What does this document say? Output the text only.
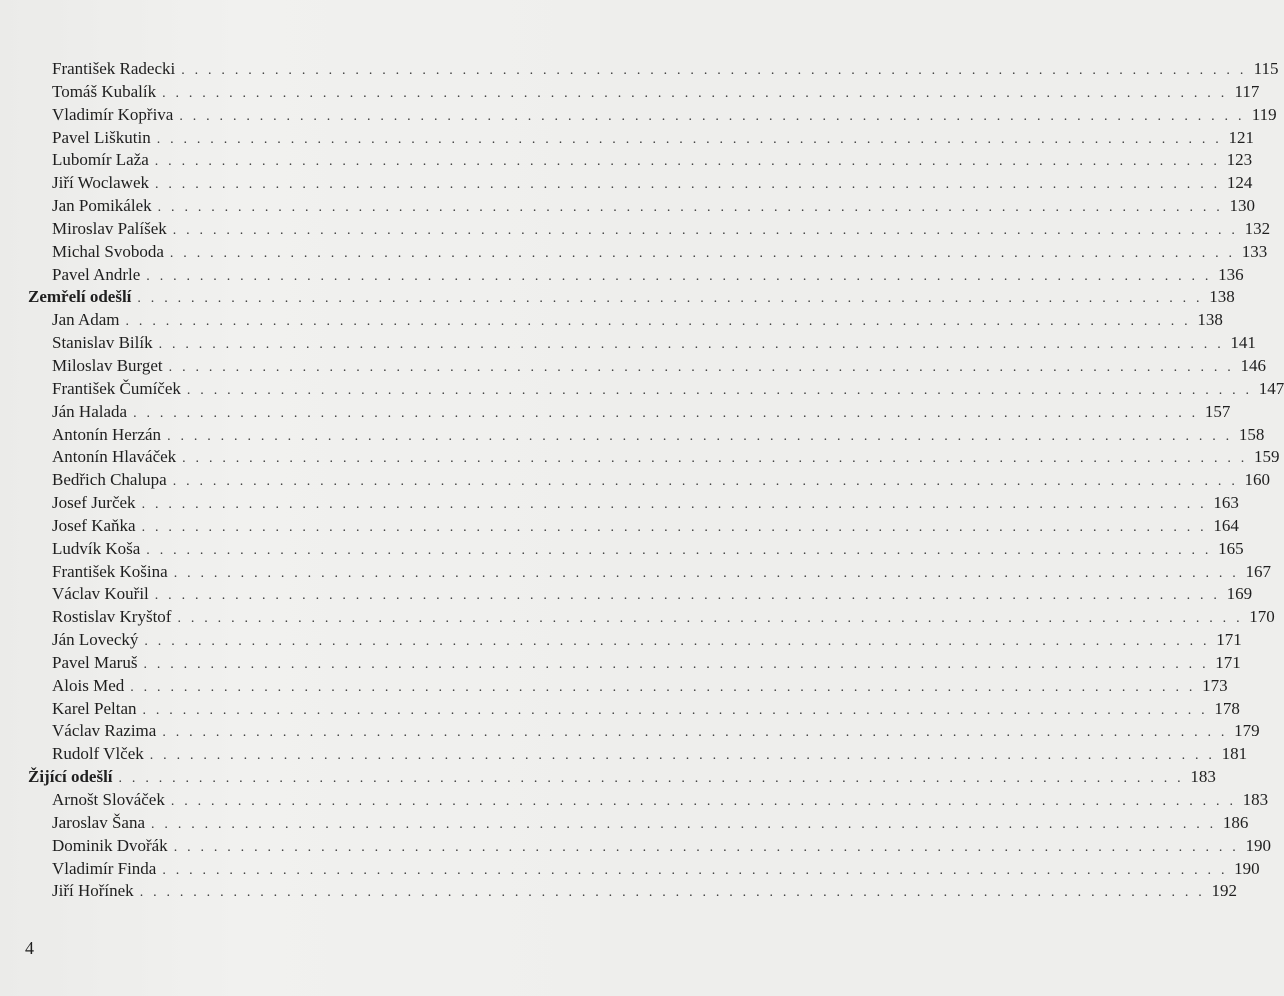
František Radecki . . . . . . . . . . . . . . . . . . . . . . . . . . . . . . . . . . . . . . . . . . . . . . . . . . . . . . . . . . . . . . . . . . . . . . . . . . . . . . . . 115
Tomáš Kubalík . . . . . . . . . . . . . . . . . . . . . . . . . . . . . . . . . . . . . . . . . . . . . . . . . . . . . . . . . . . . . . . . . . . . . . . . . . . . . . . . 117
Vladimír Kopřiva . . . . . . . . . . . . . . . . . . . . . . . . . . . . . . . . . . . . . . . . . . . . . . . . . . . . . . . . . . . . . . . . . . . . . . . . . . . . . . . . 119
Pavel Liškutin . . . . . . . . . . . . . . . . . . . . . . . . . . . . . . . . . . . . . . . . . . . . . . . . . . . . . . . . . . . . . . . . . . . . . . . . . . . . . . . . 121
Lubomír Laža . . . . . . . . . . . . . . . . . . . . . . . . . . . . . . . . . . . . . . . . . . . . . . . . . . . . . . . . . . . . . . . . . . . . . . . . . . . . . . . . 123
Jiří Woclawek . . . . . . . . . . . . . . . . . . . . . . . . . . . . . . . . . . . . . . . . . . . . . . . . . . . . . . . . . . . . . . . . . . . . . . . . . . . . . . . . 124
Jan Pomikálek . . . . . . . . . . . . . . . . . . . . . . . . . . . . . . . . . . . . . . . . . . . . . . . . . . . . . . . . . . . . . . . . . . . . . . . . . . . . . . . . 130
Miroslav Palíšek . . . . . . . . . . . . . . . . . . . . . . . . . . . . . . . . . . . . . . . . . . . . . . . . . . . . . . . . . . . . . . . . . . . . . . . . . . . . . . . . 132
Michal Svoboda . . . . . . . . . . . . . . . . . . . . . . . . . . . . . . . . . . . . . . . . . . . . . . . . . . . . . . . . . . . . . . . . . . . . . . . . . . . . . . . . 133
Pavel Andrle . . . . . . . . . . . . . . . . . . . . . . . . . . . . . . . . . . . . . . . . . . . . . . . . . . . . . . . . . . . . . . . . . . . . . . . . . . . . . . . . 136
Zemřelí odešlí . . . . . . . . . . . . . . . . . . . . . . . . . . . . . . . . . . . . . . . . . . . . . . . . . . . . . . . . . . . . . . . . . . . . . . . . . . . . . . . . 138
Jan Adam . . . . . . . . . . . . . . . . . . . . . . . . . . . . . . . . . . . . . . . . . . . . . . . . . . . . . . . . . . . . . . . . . . . . . . . . . . . . . . . . 138
Stanislav Bilík . . . . . . . . . . . . . . . . . . . . . . . . . . . . . . . . . . . . . . . . . . . . . . . . . . . . . . . . . . . . . . . . . . . . . . . . . . . . . . . . 141
Miloslav Burget . . . . . . . . . . . . . . . . . . . . . . . . . . . . . . . . . . . . . . . . . . . . . . . . . . . . . . . . . . . . . . . . . . . . . . . . . . . . . . . . 146
František Čumíček . . . . . . . . . . . . . . . . . . . . . . . . . . . . . . . . . . . . . . . . . . . . . . . . . . . . . . . . . . . . . . . . . . . . . . . . . . . . . . . . 147
Ján Halada . . . . . . . . . . . . . . . . . . . . . . . . . . . . . . . . . . . . . . . . . . . . . . . . . . . . . . . . . . . . . . . . . . . . . . . . . . . . . . . . 157
Antonín Herzán . . . . . . . . . . . . . . . . . . . . . . . . . . . . . . . . . . . . . . . . . . . . . . . . . . . . . . . . . . . . . . . . . . . . . . . . . . . . . . . . 158
Antonín Hlaváček . . . . . . . . . . . . . . . . . . . . . . . . . . . . . . . . . . . . . . . . . . . . . . . . . . . . . . . . . . . . . . . . . . . . . . . . . . . . . . . . 159
Bedřich Chalupa . . . . . . . . . . . . . . . . . . . . . . . . . . . . . . . . . . . . . . . . . . . . . . . . . . . . . . . . . . . . . . . . . . . . . . . . . . . . . . . . 160
Josef Jurček . . . . . . . . . . . . . . . . . . . . . . . . . . . . . . . . . . . . . . . . . . . . . . . . . . . . . . . . . . . . . . . . . . . . . . . . . . . . . . . . 163
Josef Kaňka . . . . . . . . . . . . . . . . . . . . . . . . . . . . . . . . . . . . . . . . . . . . . . . . . . . . . . . . . . . . . . . . . . . . . . . . . . . . . . . . 164
Ludvík Koša . . . . . . . . . . . . . . . . . . . . . . . . . . . . . . . . . . . . . . . . . . . . . . . . . . . . . . . . . . . . . . . . . . . . . . . . . . . . . . . . 165
František Košina . . . . . . . . . . . . . . . . . . . . . . . . . . . . . . . . . . . . . . . . . . . . . . . . . . . . . . . . . . . . . . . . . . . . . . . . . . . . . . . . 167
Václav Kouřil . . . . . . . . . . . . . . . . . . . . . . . . . . . . . . . . . . . . . . . . . . . . . . . . . . . . . . . . . . . . . . . . . . . . . . . . . . . . . . . . 169
Rostislav Kryštof . . . . . . . . . . . . . . . . . . . . . . . . . . . . . . . . . . . . . . . . . . . . . . . . . . . . . . . . . . . . . . . . . . . . . . . . . . . . . . . . 170
Ján Lovecký . . . . . . . . . . . . . . . . . . . . . . . . . . . . . . . . . . . . . . . . . . . . . . . . . . . . . . . . . . . . . . . . . . . . . . . . . . . . . . . . 171
Pavel Maruš . . . . . . . . . . . . . . . . . . . . . . . . . . . . . . . . . . . . . . . . . . . . . . . . . . . . . . . . . . . . . . . . . . . . . . . . . . . . . . . . 171
Alois Med . . . . . . . . . . . . . . . . . . . . . . . . . . . . . . . . . . . . . . . . . . . . . . . . . . . . . . . . . . . . . . . . . . . . . . . . . . . . . . . . 173
Karel Peltan . . . . . . . . . . . . . . . . . . . . . . . . . . . . . . . . . . . . . . . . . . . . . . . . . . . . . . . . . . . . . . . . . . . . . . . . . . . . . . . . 178
Václav Razima . . . . . . . . . . . . . . . . . . . . . . . . . . . . . . . . . . . . . . . . . . . . . . . . . . . . . . . . . . . . . . . . . . . . . . . . . . . . . . . . 179
Rudolf Vlček . . . . . . . . . . . . . . . . . . . . . . . . . . . . . . . . . . . . . . . . . . . . . . . . . . . . . . . . . . . . . . . . . . . . . . . . . . . . . . . . 181
Žijící odešlí . . . . . . . . . . . . . . . . . . . . . . . . . . . . . . . . . . . . . . . . . . . . . . . . . . . . . . . . . . . . . . . . . . . . . . . . . . . . . . . . 183
Arnošt Slováček . . . . . . . . . . . . . . . . . . . . . . . . . . . . . . . . . . . . . . . . . . . . . . . . . . . . . . . . . . . . . . . . . . . . . . . . . . . . . . . . 183
Jaroslav Šana . . . . . . . . . . . . . . . . . . . . . . . . . . . . . . . . . . . . . . . . . . . . . . . . . . . . . . . . . . . . . . . . . . . . . . . . . . . . . . . . 186
Dominik Dvořák . . . . . . . . . . . . . . . . . . . . . . . . . . . . . . . . . . . . . . . . . . . . . . . . . . . . . . . . . . . . . . . . . . . . . . . . . . . . . . . . 190
Vladimír Finda . . . . . . . . . . . . . . . . . . . . . . . . . . . . . . . . . . . . . . . . . . . . . . . . . . . . . . . . . . . . . . . . . . . . . . . . . . . . . . . . 190
Jiří Hořínek . . . . . . . . . . . . . . . . . . . . . . . . . . . . . . . . . . . . . . . . . . . . . . . . . . . . . . . . . . . . . . . . . . . . . . . . . . . . . . . . 192
4
